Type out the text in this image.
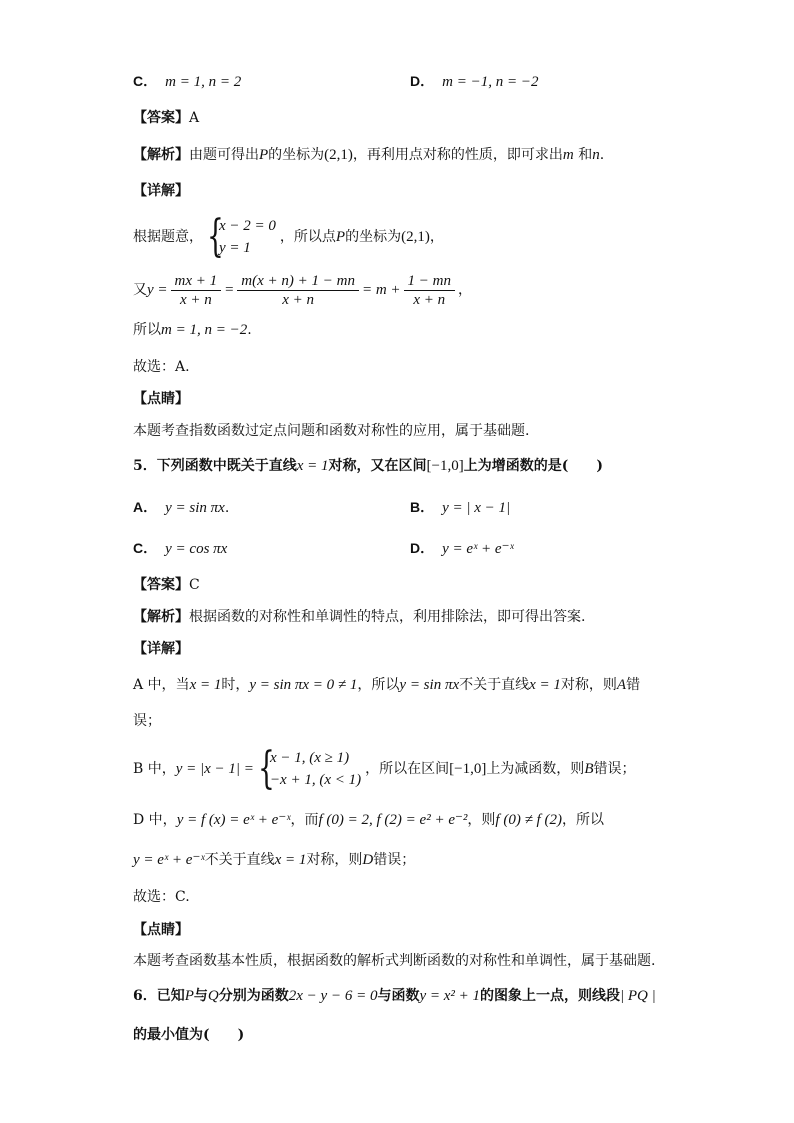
C． m = 1, n = 2	D． m = −1, n = −2
【答案】A
【解析】由题可得出P的坐标为(2,1)，再利用点对称的性质，即可求出m 和n.
【详解】
根据题意， {
x − 2 = 0
y = 1
，所以点P的坐标为(2,1)，
又$y = \frac{mx + 1}{x + n} = \frac{m(x + n) + 1 - mn}{x + n} = m + \frac{1 - mn}{x + n}$ ，
所以m = 1, n = −2.
故选：A.
【点睛】
本题考查指数函数过定点问题和函数对称性的应用，属于基础题.
5．下列函数中既关于直线x = 1对称，又在区间[−1,0]上为增函数的是(　　)
A． y = sin πx.	B． y = | x − 1|
C． y = cos πx	D． y = eˣ + e⁻ˣ
【答案】C
【解析】根据函数的对称性和单调性的特点，利用排除法，即可得出答案.
【详解】
A 中，当x = 1时，y = sin πx = 0 ≠ 1，所以y = sin πx不关于直线x = 1对称，则A错
误；
B 中，y = |x − 1| = {
x − 1, (x ≥ 1)
−x + 1, (x < 1)
，所以在区间[−1,0]上为减函数，则B错误；
D 中，y = f (x) = eˣ + e⁻ˣ，而f (0) = 2, f (2) = e² + e⁻²，则f (0) ≠ f (2)，所以
y = eˣ + e⁻ˣ不关于直线x = 1对称，则D错误；
故选：C.
【点睛】
本题考查函数基本性质，根据函数的解析式判断函数的对称性和单调性，属于基础题.
6．已知P与Q分别为函数2x − y − 6 = 0与函数y = x² + 1的图象上一点，则线段| PQ |
的最小值为(　　)
